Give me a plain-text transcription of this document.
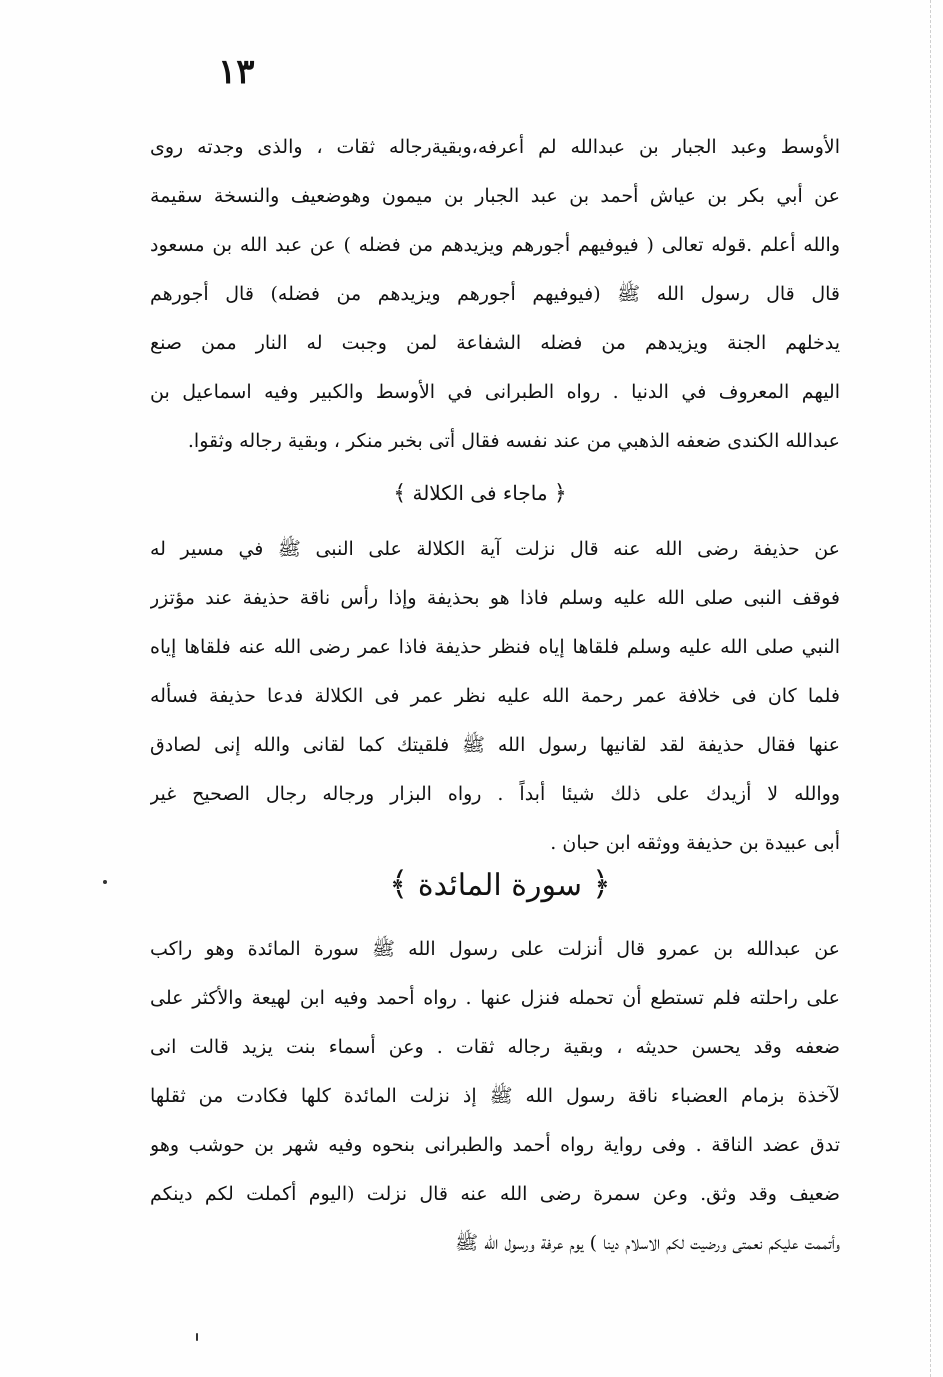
١٣
الأوسط وعبد الجبار بن عبدالله لم أعرفه،وبقيةرجاله ثقات ، والذى وجدته روى
عن أبي بكر بن عياش أحمد بن عبد الجبار بن ميمون وهوضعيف والنسخة سقيمة
والله أعلم .قوله تعالى ( فيوفيهم أجورهم ويزيدهم من فضله ) عن عبد الله بن مسعود
قال قال رسول الله ﷺ (فيوفيهم أجورهم ويزيدهم من فضله) قال أجورهم
يدخلهم الجنة ويزيدهم من فضله الشفاعة لمن وجبت له النار ممن صنع
اليهم المعروف في الدنيا . رواه الطبرانى في الأوسط والكبير وفيه اسماعيل بن
عبدالله الكندى ضعفه الذهبي من عند نفسه فقال أتى بخبر منكر ، وبقية رجاله وثقوا.
﴿ ماجاء فى الكلالة ﴾
عن حذيفة رضى الله عنه قال نزلت آية الكلالة على النبى ﷺ في مسير له
فوقف النبى صلى الله عليه وسلم فاذا هو بحذيفة وإذا رأس ناقة حذيفة عند مؤتزر
النبي صلى الله عليه وسلم فلقاها إياه فنظر حذيفة فاذا عمر رضى الله عنه فلقاها إياه
فلما كان فى خلافة عمر رحمة الله عليه نظر عمر فى الكلالة فدعا حذيفة فسأله
عنها فقال حذيفة لقد لقانيها رسول الله ﷺ فلقيتك كما لقانى والله إنى لصادق
ووالله لا أزيدك على ذلك شيئا أبداً . رواه البزار ورجاله رجال الصحيح غير
أبى عبيدة بن حذيفة ووثقه ابن حبان .
﴿ سورة المائدة ﴾
عن عبدالله بن عمرو قال أنزلت على رسول الله ﷺ سورة المائدة وهو راكب
على راحلته فلم تستطع أن تحمله فنزل عنها . رواه أحمد وفيه ابن لهيعة والأكثر على
ضعفه وقد يحسن حديثه ، وبقية رجاله ثقات . وعن أسماء بنت يزيد قالت انى
لآخذة بزمام العضباء ناقة رسول الله ﷺ إذ نزلت المائدة كلها فكادت من ثقلها
تدق عضد الناقة . وفى رواية رواه أحمد والطبرانى بنحوه وفيه شهر بن حوشب وهو
ضعيف وقد وثق. وعن سمرة رضى الله عنه قال نزلت (اليوم أكملت لكم دينكم
وأتممت عليكم نعمتى ورضيت لكم الاسلام دينا ) يوم عرفة ورسول الله ﷺ
